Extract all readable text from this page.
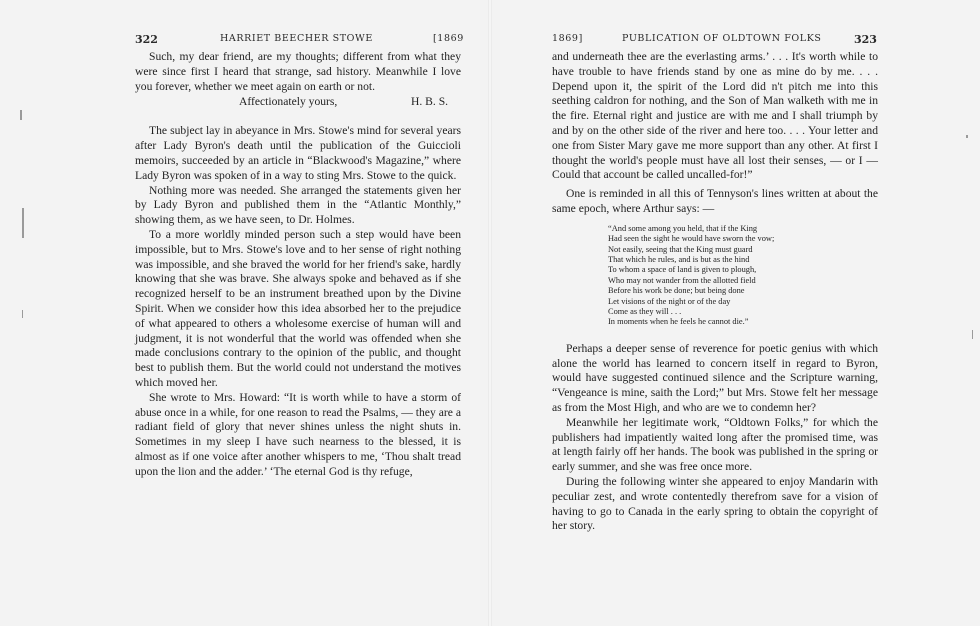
322	HARRIET BEECHER STOWE	[1869

Such, my dear friend, are my thoughts; different from what they were since first I heard that strange, sad history. Meanwhile I love you forever, whether we meet again on earth or not.

Affectionately yours,	H. B. S.

The subject lay in abeyance in Mrs. Stowe's mind for several years after Lady Byron's death until the publication of the Guiccioli memoirs, succeeded by an article in “Blackwood's Magazine,” where Lady Byron was spoken of in a way to sting Mrs. Stowe to the quick.

Nothing more was needed. She arranged the statements given her by Lady Byron and published them in the “Atlantic Monthly,” showing them, as we have seen, to Dr. Holmes.

To a more worldly minded person such a step would have been impossible, but to Mrs. Stowe's love and to her sense of right nothing was impossible, and she braved the world for her friend's sake, hardly knowing that she was brave. She always spoke and behaved as if she recognized herself to be an instrument breathed upon by the Divine Spirit. When we consider how this idea absorbed her to the prejudice of what appeared to others a wholesome exercise of human will and judgment, it is not wonderful that the world was offended when she made conclusions contrary to the opinion of the public, and thought best to publish them. But the world could not understand the motives which moved her.

She wrote to Mrs. Howard: “It is worth while to have a storm of abuse once in a while, for one reason to read the Psalms, — they are a radiant field of glory that never shines unless the night shuts in. Sometimes in my sleep I have such nearness to the blessed, it is almost as if one voice after another whispers to me, ‘Thou shalt tread upon the lion and the adder.’ ‘The eternal God is thy refuge,

1869]	PUBLICATION OF OLDTOWN FOLKS	323

and underneath thee are the everlasting arms.’ . . . It's worth while to have trouble to have friends stand by one as mine do by me. . . . Depend upon it, the spirit of the Lord did n't pitch me into this seething caldron for nothing, and the Son of Man walketh with me in the fire. Eternal right and justice are with me and I shall triumph by and by on the other side of the river and here too. . . . Your letter and one from Sister Mary gave me more support than any other. At first I thought the world's people must have all lost their senses, — or I — Could that account be called uncalled-for!”

One is reminded in all this of Tennyson's lines written at about the same epoch, where Arthur says: —

“And some among you held, that if the King
Had seen the sight he would have sworn the vow;
Not easily, seeing that the King must guard
That which he rules, and is but as the hind
To whom a space of land is given to plough,
Who may not wander from the allotted field
Before his work be done; but being done
Let visions of the night or of the day
Come as they will . . .
In moments when he feels he cannot die.”

Perhaps a deeper sense of reverence for poetic genius with which alone the world has learned to concern itself in regard to Byron, would have suggested continued silence and the Scripture warning, “Vengeance is mine, saith the Lord;” but Mrs. Stowe felt her message as from the Most High, and who are we to condemn her?

Meanwhile her legitimate work, “Oldtown Folks,” for which the publishers had impatiently waited long after the promised time, was at length fairly off her hands. The book was published in the spring or early summer, and she was free once more.

During the following winter she appeared to enjoy Mandarin with peculiar zest, and wrote contentedly therefrom save for a vision of having to go to Canada in the early spring to obtain the copyright of her story.
